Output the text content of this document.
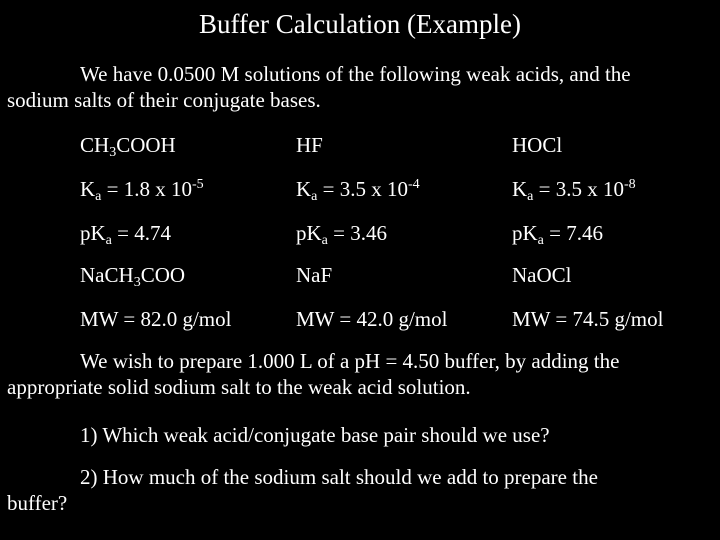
Buffer Calculation (Example)
We have 0.0500 M solutions of the following weak acids, and the
sodium salts of their conjugate bases.
$CH_3COOH$	HF	HOCl
$K_a = 1.8$ x $10^{-5}$	$K_a = 3.5$ x $10^{-4}$	$K_a = 3.5$ x $10^{-8}$
$pK_a = 4.74$	$pK_a = 3.46$	$pK_a = 7.46$
NaCH$_3$COO	NaF	NaOCl
MW = 82.0 g/mol	MW = 42.0 g/mol	MW = 74.5 g/mol
We wish to prepare 1.000 L of a pH = 4.50 buffer, by adding the
appropriate solid sodium salt to the weak acid solution.
1) Which weak acid/conjugate base pair should we use?
2) How much of the sodium salt should we add to prepare the
buffer?
